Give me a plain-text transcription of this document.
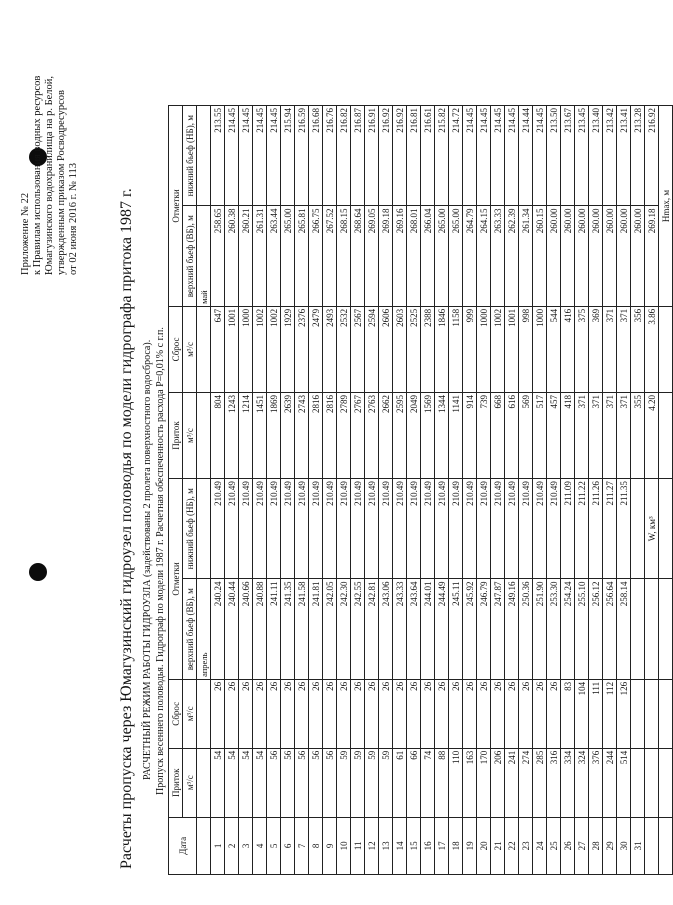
Приложение № 22 к Правилам использования водных ресурсов Юмагузинского водохранилища на р. Белой, утвержденным приказом Росводресурсов от 02 июня 2016 г. № 113 Расчеты пропуска через Юмагузинский гидроузел половодья по модели гидрографа притока 1987 г. РАСЧЕТНЫЙ РЕЖИМ РАБОТЫ ГИДРОУЗЛА (задействованы 2 пролета поверхностного водосброса). Пропуск весеннего половодья. Гидрограф по модели 1987 г. Расчетная обеспеченность расхода P=0,01% с г.п.
Дата	Приток	Сброс	Отметки		Приток	Сброс	Отметки	
	м³/с	м³/с	верхний бьеф (ВБ), м	нижний бьеф (НБ), м	м³/с	м³/с	верхний бьеф (ВБ), м	нижний бьеф (НБ), м
			апрель				май	
1	54	26	240.24	210.49	804	647	258.65	213.55
2	54	26	240.44	210.49	1243	1001	260.38	214.45
3	54	26	240.66	210.49	1214	1000	260.21	214.45
4	54	26	240.88	210.49	1451	1002	261.31	214.45
5	56	26	241.11	210.49	1869	1002	263.44	214.45
6	56	26	241.35	210.49	2639	1929	265.00	215.94
7	56	26	241.58	210.49	2743	2376	265.81	216.59
8	56	26	241.81	210.49	2816	2479	266.75	216.68
9	56	26	242.05	210.49	2816	2493	267.52	216.76
10	59	26	242.30	210.49	2789	2532	268.15	216.82
11	59	26	242.55	210.49	2767	2567	268.64	216.87
12	59	26	242.81	210.49	2763	2594	269.05	216.91
13	59	26	243.06	210.49	2662	2606	269.18	216.92
14	61	26	243.33	210.49	2595	2603	269.16	216.92
15	66	26	243.64	210.49	2049	2525	268.01	216.81
16	74	26	244.01	210.49	1569	2388	266.04	216.61
17	88	26	244.49	210.49	1344	1846	265.00	215.82
18	110	26	245.11	210.49	1141	1158	265.00	214.72
19	163	26	245.92	210.49	914	999	264.79	214.45
20	170	26	246.79	210.49	739	1000	264.15	214.45
21	206	26	247.87	210.49	668	1002	263.33	214.45
22	241	26	249.16	210.49	616	1001	262.39	214.45
23	274	26	250.36	210.49	569	998	261.34	214.44
24	285	26	251.90	210.49	517	1000	260.15	214.45
25	316	26	253.30	210.49	457	544	260.00	213.50
26	334	83	254.24	211.09	418	416	260.00	213.67
27	324	104	255.10	211.22	371	375	260.00	213.45
28	376	111	256.12	211.26	371	369	260.00	213.40
29	244	112	256.64	211.27	371	371	260.00	213.42
30	514	126	258.14	211.35	371	371	260.00	213.41
31					355	356	260.00	213.28
				W, км³	4.20	3.86	269.18	216.92
							Hmax, м	
